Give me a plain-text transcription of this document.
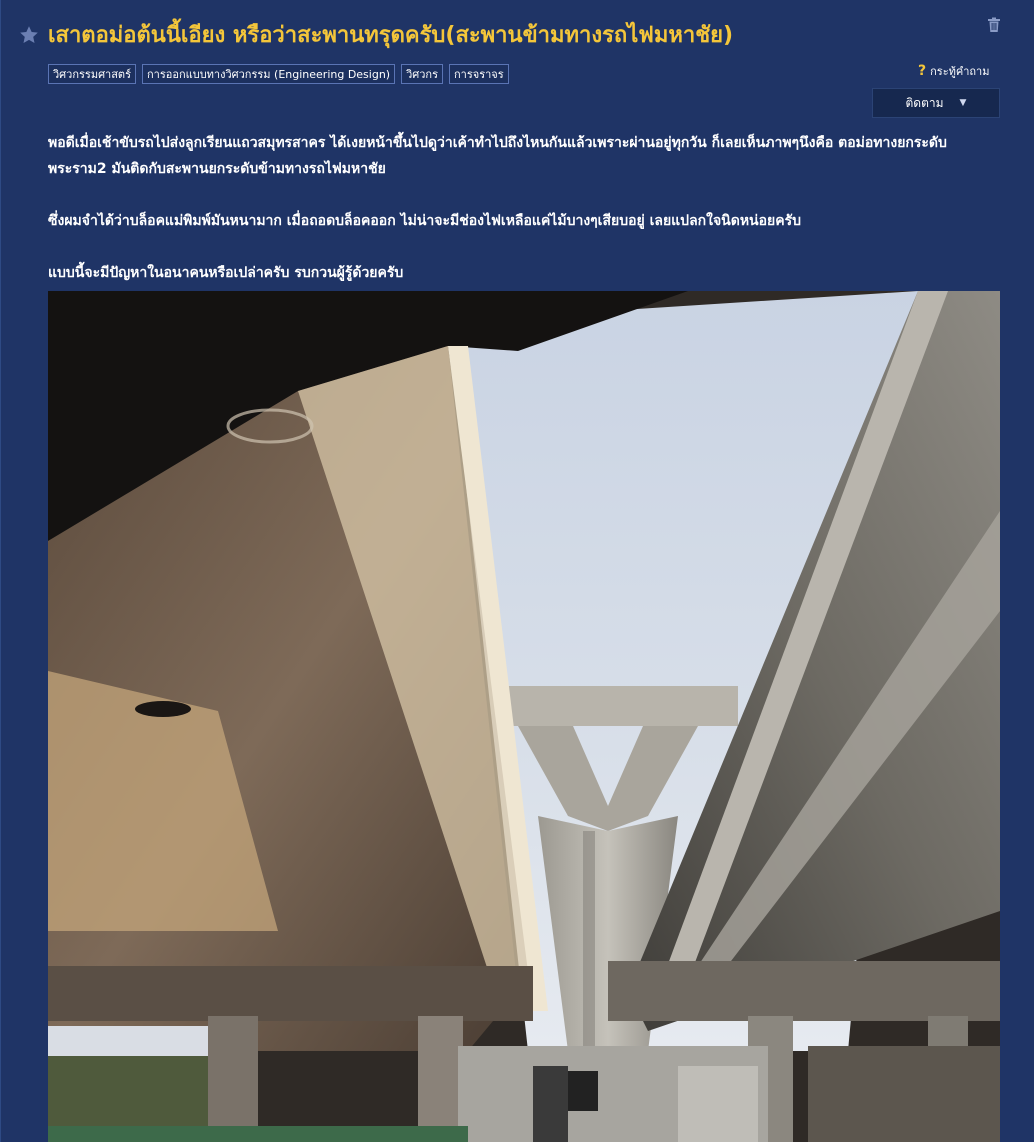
เสาตอม่อต้นนี้เอียง หรือว่าสะพานทรุดครับ(สะพานข้ามทางรถไฟมหาชัย)
วิศวกรรมศาสตร์	การออกแบบทางวิศวกรรม (Engineering Design)	วิศวกร	การจราจร	? กระทู้คำถาม
ติดตาม ▼

พอดีเมื่อเช้าขับรถไปส่งลูกเรียนแถวสมุทรสาคร ได้เงยหน้าขึ้นไปดูว่าเค้าทำไปถึงไหนกันแล้วเพราะผ่านอยู่ทุกวัน ก็เลยเห็นภาพๆนึงคือ ตอม่อทางยกระดับพระราม2 มันติดกับสะพานยกระดับข้ามทางรถไฟมหาชัย

ซึ่งผมจำได้ว่าบล็อคแม่พิมพ์มันหนามาก เมื่อถอดบล็อคออก ไม่น่าจะมีช่องไฟเหลือแค่ไม้บางๆเสียบอยู่ เลยแปลกใจนิดหน่อยครับ

แบบนี้จะมีปัญหาในอนาคนหรือเปล่าครับ รบกวนผู้รู้ด้วยครับ
